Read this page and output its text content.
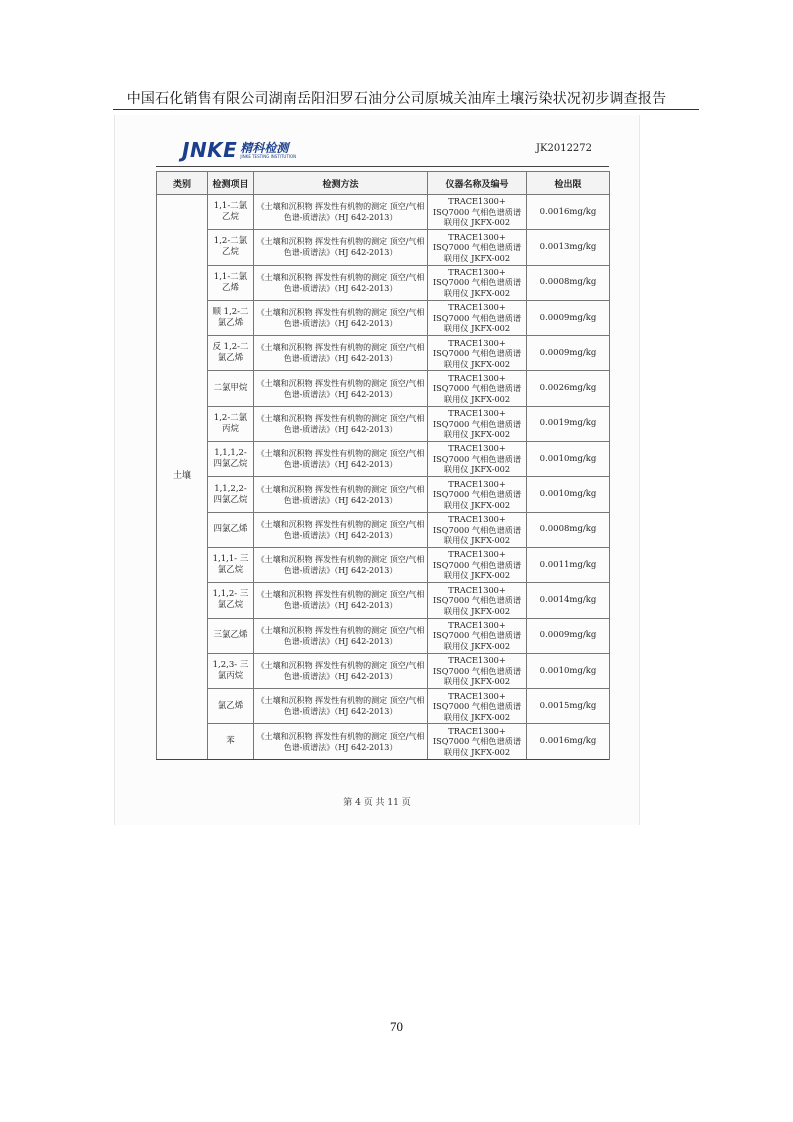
中国石化销售有限公司湖南岳阳汨罗石油分公司原城关油库土壤污染状况初步调查报告
JNKE 精科检测
JINKE TESTING INSTITUTION
JK2012272
类别	检测项目	检测方法	仪器名称及编号	检出限
土壤	1,1-二氯乙烷	《土壤和沉积物 挥发性有机物的测定 顶空/气相色谱-质谱法》（HJ 642-2013）	TRACE1300+ ISQ7000 气相色谱质谱联用仪 JKFX-002	0.0016mg/kg
	1,2-二氯乙烷	《土壤和沉积物 挥发性有机物的测定 顶空/气相色谱-质谱法》（HJ 642-2013）	TRACE1300+ ISQ7000 气相色谱质谱联用仪 JKFX-002	0.0013mg/kg
	1,1-二氯乙烯	《土壤和沉积物 挥发性有机物的测定 顶空/气相色谱-质谱法》（HJ 642-2013）	TRACE1300+ ISQ7000 气相色谱质谱联用仪 JKFX-002	0.0008mg/kg
	顺 1,2-二氯乙烯	《土壤和沉积物 挥发性有机物的测定 顶空/气相色谱-质谱法》（HJ 642-2013）	TRACE1300+ ISQ7000 气相色谱质谱联用仪 JKFX-002	0.0009mg/kg
	反 1,2-二氯乙烯	《土壤和沉积物 挥发性有机物的测定 顶空/气相色谱-质谱法》（HJ 642-2013）	TRACE1300+ ISQ7000 气相色谱质谱联用仪 JKFX-002	0.0009mg/kg
	二氯甲烷	《土壤和沉积物 挥发性有机物的测定 顶空/气相色谱-质谱法》（HJ 642-2013）	TRACE1300+ ISQ7000 气相色谱质谱联用仪 JKFX-002	0.0026mg/kg
	1,2-二氯丙烷	《土壤和沉积物 挥发性有机物的测定 顶空/气相色谱-质谱法》（HJ 642-2013）	TRACE1300+ ISQ7000 气相色谱质谱联用仪 JKFX-002	0.0019mg/kg
	1,1,1,2-四氯乙烷	《土壤和沉积物 挥发性有机物的测定 顶空/气相色谱-质谱法》（HJ 642-2013）	TRACE1300+ ISQ7000 气相色谱质谱联用仪 JKFX-002	0.0010mg/kg
	1,1,2,2-四氯乙烷	《土壤和沉积物 挥发性有机物的测定 顶空/气相色谱-质谱法》（HJ 642-2013）	TRACE1300+ ISQ7000 气相色谱质谱联用仪 JKFX-002	0.0010mg/kg
	四氯乙烯	《土壤和沉积物 挥发性有机物的测定 顶空/气相色谱-质谱法》（HJ 642-2013）	TRACE1300+ ISQ7000 气相色谱质谱联用仪 JKFX-002	0.0008mg/kg
	1,1,1- 三氯乙烷	《土壤和沉积物 挥发性有机物的测定 顶空/气相色谱-质谱法》（HJ 642-2013）	TRACE1300+ ISQ7000 气相色谱质谱联用仪 JKFX-002	0.0011mg/kg
	1,1,2- 三氯乙烷	《土壤和沉积物 挥发性有机物的测定 顶空/气相色谱-质谱法》（HJ 642-2013）	TRACE1300+ ISQ7000 气相色谱质谱联用仪 JKFX-002	0.0014mg/kg
	三氯乙烯	《土壤和沉积物 挥发性有机物的测定 顶空/气相色谱-质谱法》（HJ 642-2013）	TRACE1300+ ISQ7000 气相色谱质谱联用仪 JKFX-002	0.0009mg/kg
	1,2,3- 三氯丙烷	《土壤和沉积物 挥发性有机物的测定 顶空/气相色谱-质谱法》（HJ 642-2013）	TRACE1300+ ISQ7000 气相色谱质谱联用仪 JKFX-002	0.0010mg/kg
	氯乙烯	《土壤和沉积物 挥发性有机物的测定 顶空/气相色谱-质谱法》（HJ 642-2013）	TRACE1300+ ISQ7000 气相色谱质谱联用仪 JKFX-002	0.0015mg/kg
	苯	《土壤和沉积物 挥发性有机物的测定 顶空/气相色谱-质谱法》（HJ 642-2013）	TRACE1300+ ISQ7000 气相色谱质谱联用仪 JKFX-002	0.0016mg/kg
第 4 页 共 11 页
70
